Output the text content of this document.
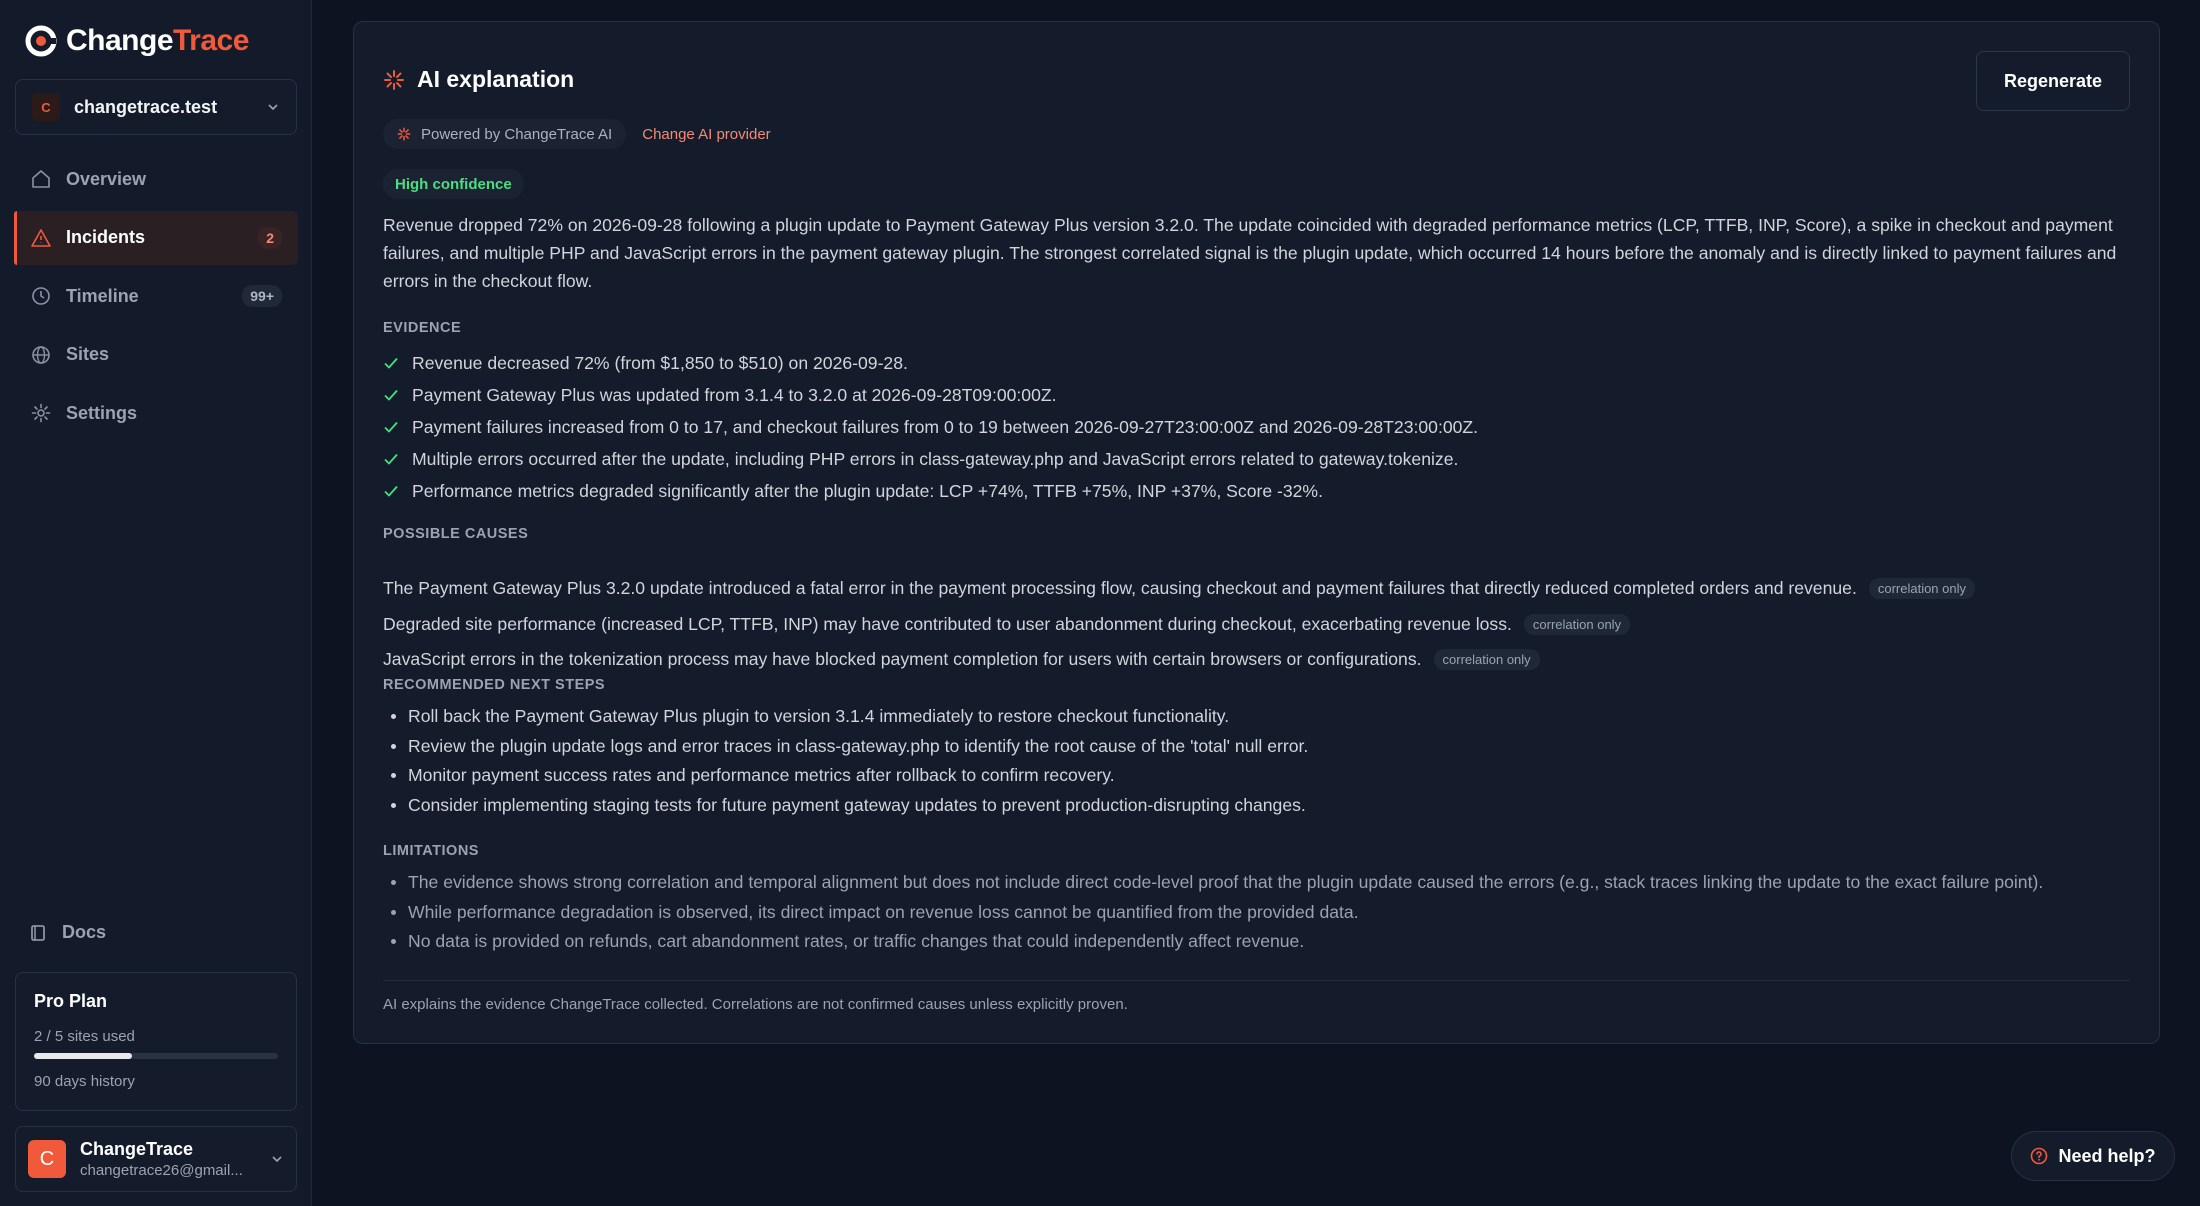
ChangeTrace
C	changetrace.test
Overview
Incidents	2
Timeline	99+
Sites
Settings
Docs
Pro Plan
2 / 5 sites used
90 days history
C	ChangeTrace
changetrace26@gmail...
AI explanation	Regenerate
Powered by ChangeTrace AI Change AI provider
High confidence

Revenue dropped 72% on 2026-09-28 following a plugin update to Payment Gateway Plus version 3.2.0. The update coincided with degraded performance metrics (LCP, TTFB, INP, Score), a spike in checkout and payment failures, and multiple PHP and JavaScript errors in the payment gateway plugin. The strongest correlated signal is the plugin update, which occurred 14 hours before the anomaly and is directly linked to payment failures and errors in the checkout flow.

EVIDENCE
Revenue decreased 72% (from $1,850 to $510) on 2026-09-28.
Payment Gateway Plus was updated from 3.1.4 to 3.2.0 at 2026-09-28T09:00:00Z.
Payment failures increased from 0 to 17, and checkout failures from 0 to 19 between 2026-09-27T23:00:00Z and 2026-09-28T23:00:00Z.
Multiple errors occurred after the update, including PHP errors in class-gateway.php and JavaScript errors related to gateway.tokenize.
Performance metrics degraded significantly after the plugin update: LCP +74%, TTFB +75%, INP +37%, Score -32%.
POSSIBLE CAUSES
The Payment Gateway Plus 3.2.0 update introduced a fatal error in the payment processing flow, causing checkout and payment failures that directly reduced completed orders and revenue.	correlation only
Degraded site performance (increased LCP, TTFB, INP) may have contributed to user abandonment during checkout, exacerbating revenue loss.	correlation only
JavaScript errors in the tokenization process may have blocked payment completion for users with certain browsers or configurations.	correlation only
RECOMMENDED NEXT STEPS
Roll back the Payment Gateway Plus plugin to version 3.1.4 immediately to restore checkout functionality.
Review the plugin update logs and error traces in class-gateway.php to identify the root cause of the 'total' null error.
Monitor payment success rates and performance metrics after rollback to confirm recovery.
Consider implementing staging tests for future payment gateway updates to prevent production-disrupting changes.
LIMITATIONS
The evidence shows strong correlation and temporal alignment but does not include direct code-level proof that the plugin update caused the errors (e.g., stack traces linking the update to the exact failure point).
While performance degradation is observed, its direct impact on revenue loss cannot be quantified from the provided data.
No data is provided on refunds, cart abandonment rates, or traffic changes that could independently affect revenue.
AI explains the evidence ChangeTrace collected. Correlations are not confirmed causes unless explicitly proven.
Need help?
